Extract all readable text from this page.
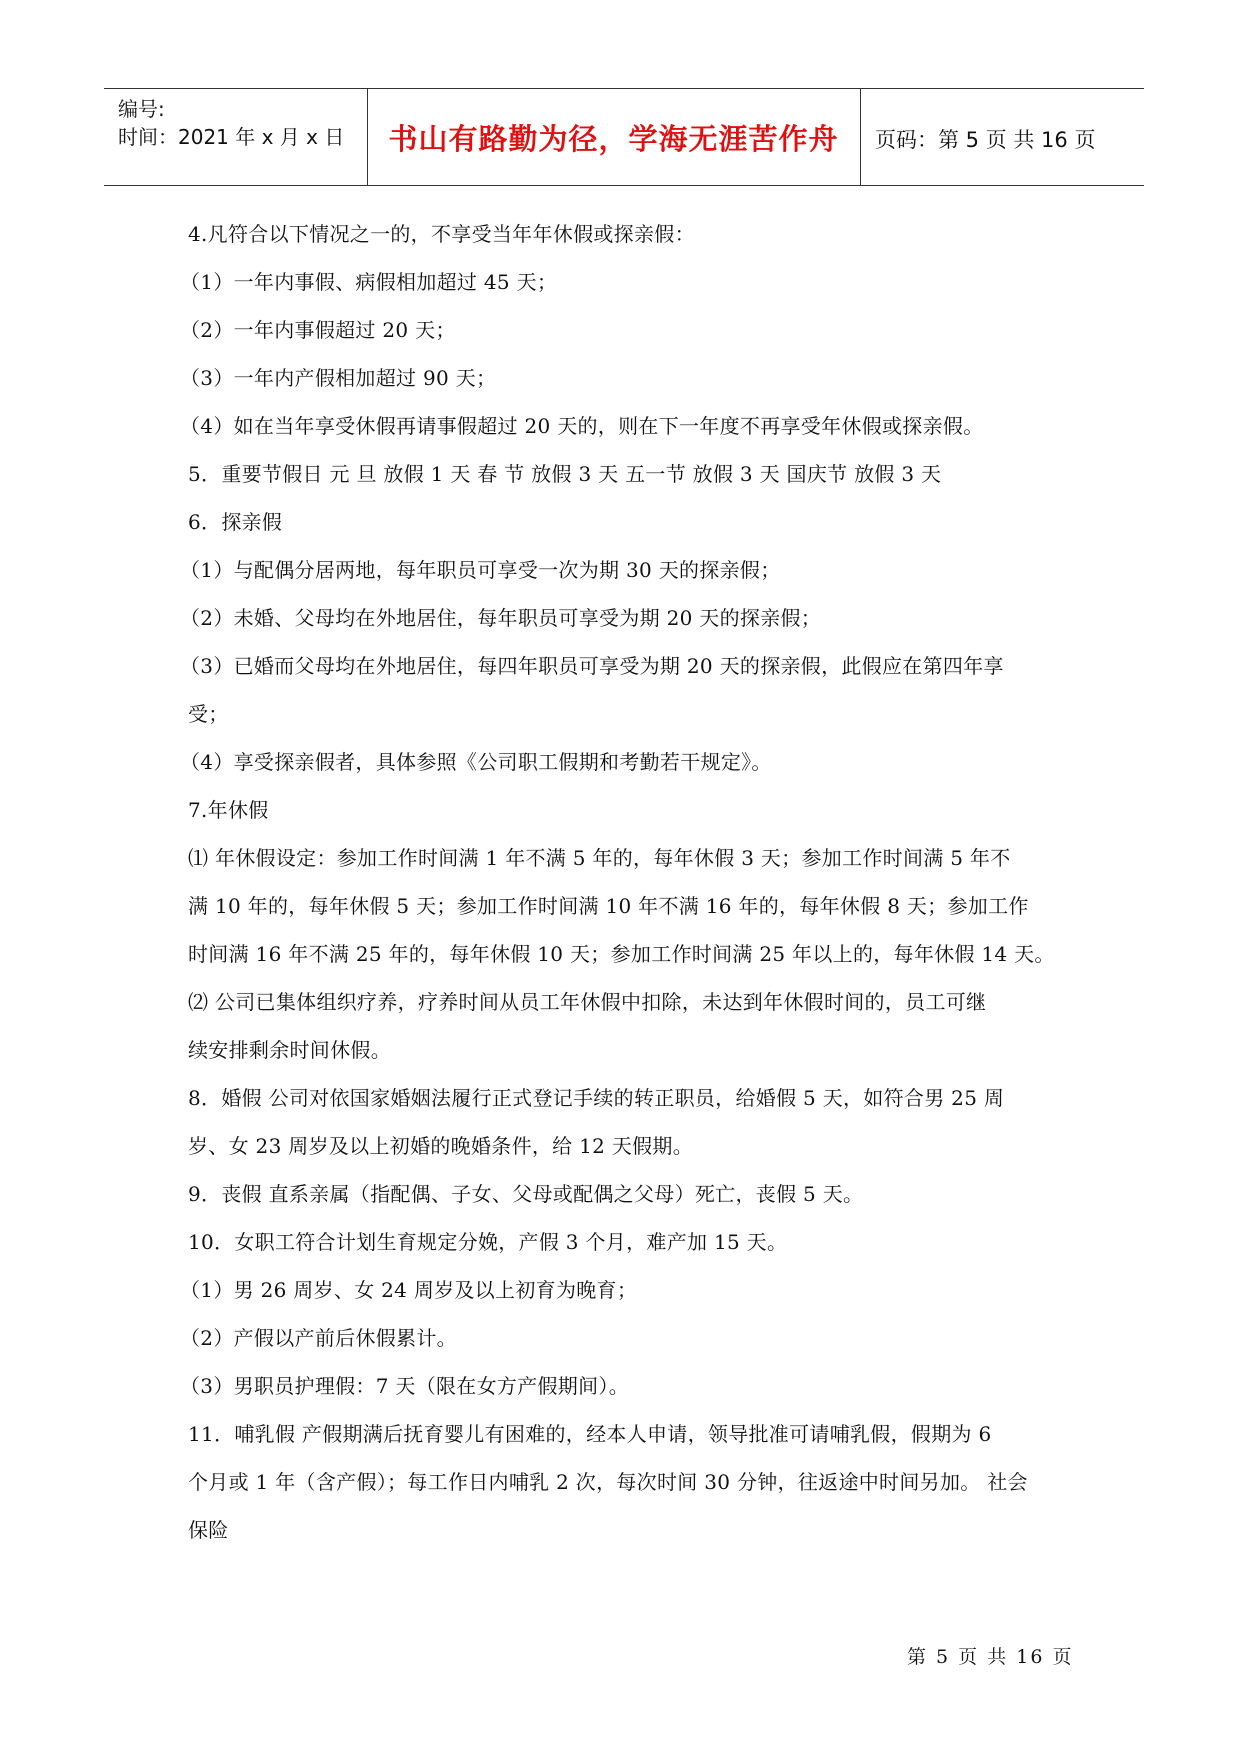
编号:
时间：2021 年 x 月 x 日	书山有路勤为径，学海无涯苦作舟	页码：第 5 页 共 16 页
4.凡符合以下情况之一的，不享受当年年休假或探亲假：
（1）一年内事假、病假相加超过 45 天；
（2）一年内事假超过 20 天；
（3）一年内产假相加超过 90 天；
（4）如在当年享受休假再请事假超过 20 天的，则在下一年度不再享受年休假或探亲假。
5．重要节假日 元 旦 放假 1 天 春 节 放假 3 天 五一节 放假 3 天 国庆节 放假 3 天
6．探亲假
（1）与配偶分居两地，每年职员可享受一次为期 30 天的探亲假；
（2）未婚、父母均在外地居住，每年职员可享受为期 20 天的探亲假；
（3）已婚而父母均在外地居住，每四年职员可享受为期 20 天的探亲假，此假应在第四年享
受；
（4）享受探亲假者，具体参照《公司职工假期和考勤若干规定》。
7.年休假
⑴ 年休假设定：参加工作时间满 1 年不满 5 年的，每年休假 3 天；参加工作时间满 5 年不
满 10 年的，每年休假 5 天；参加工作时间满 10 年不满 16 年的，每年休假 8 天；参加工作
时间满 16 年不满 25 年的，每年休假 10 天；参加工作时间满 25 年以上的，每年休假 14 天。
⑵ 公司已集体组织疗养，疗养时间从员工年休假中扣除，未达到年休假时间的，员工可继
续安排剩余时间休假。
8．婚假 公司对依国家婚姻法履行正式登记手续的转正职员，给婚假 5 天，如符合男 25 周
岁、女 23 周岁及以上初婚的晚婚条件，给 12 天假期。
9．丧假 直系亲属（指配偶、子女、父母或配偶之父母）死亡，丧假 5 天。
10．女职工符合计划生育规定分娩，产假 3 个月，难产加 15 天。
（1）男 26 周岁、女 24 周岁及以上初育为晚育；
（2）产假以产前后休假累计。
（3）男职员护理假：7 天（限在女方产假期间）。
11．哺乳假 产假期满后抚育婴儿有困难的，经本人申请，领导批准可请哺乳假，假期为 6
个月或 1 年（含产假）；每工作日内哺乳 2 次，每次时间 30 分钟，往返途中时间另加。 社会
保险
第 5 页 共 16 页
